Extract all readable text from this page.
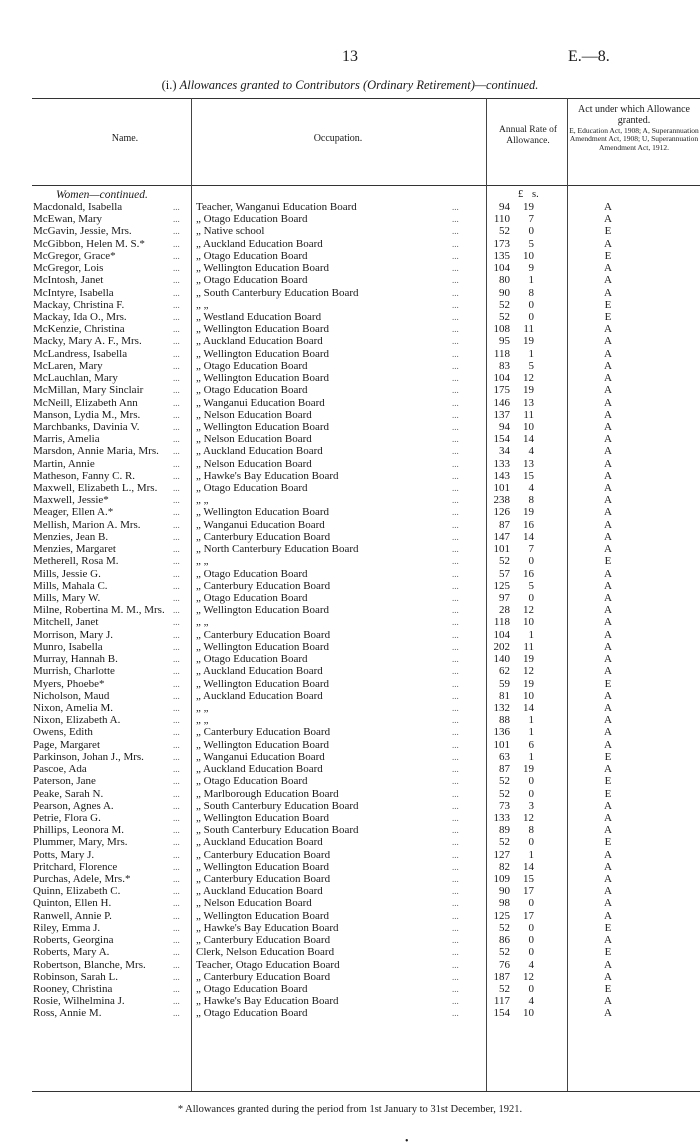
13	E.—8.
(i.) Allowances granted to Contributors (Ordinary Retirement)—continued.
Name.	Occupation.
Annual Rate of Allowance.
Act under which Allowance granted.
E, Education Act, 1908; A, Superannuation Amendment Act, 1908; U, Superannuation Amendment Act, 1912.
Women—continued.	£ s.
Macdonald, Isabella	Teacher, Wanganui Education Board	94	19	A
...	...
McEwan, Mary	„ Otago Education Board	110	7	A
...	...
McGavin, Jessie, Mrs.	„ Native school	52	0	E
...	...
McGibbon, Helen M. S.*	„ Auckland Education Board	173	5	A
...	...
McGregor, Grace*	„ Otago Education Board	135	10	E
...	...
McGregor, Lois	„ Wellington Education Board	104	9	A
...	...
McIntosh, Janet	„ Otago Education Board	80	1	A
...	...
McIntyre, Isabella	„ South Canterbury Education Board	90	8	A
...	...
Mackay, Christina F.	„ „	52	0	E
...	...
Mackay, Ida O., Mrs.	„ Westland Education Board	52	0	E
...	...
McKenzie, Christina	„ Wellington Education Board	108	11	A
...	...
Macky, Mary A. F., Mrs.	„ Auckland Education Board	95	19	A
...	...
McLandress, Isabella	„ Wellington Education Board	118	1	A
...	...
McLaren, Mary	„ Otago Education Board	83	5	A
...	...
McLauchlan, Mary	„ Wellington Education Board	104	12	A
...	...
McMillan, Mary Sinclair	„ Otago Education Board	175	19	A
...	...
McNeill, Elizabeth Ann	„ Wanganui Education Board	146	13	A
...	...
Manson, Lydia M., Mrs.	„ Nelson Education Board	137	11	A
...	...
Marchbanks, Davinia V.	„ Wellington Education Board	94	10	A
...	...
Marris, Amelia	„ Nelson Education Board	154	14	A
...	...
Marsdon, Annie Maria, Mrs.	„ Auckland Education Board	34	4	A
...	...
Martin, Annie	„ Nelson Education Board	133	13	A
...	...
Matheson, Fanny C. R.	„ Hawke's Bay Education Board	143	15	A
...	...
Maxwell, Elizabeth L., Mrs.	„ Otago Education Board	101	4	A
...	...
Maxwell, Jessie*	„ „	238	8	A
...	...
Meager, Ellen A.*	„ Wellington Education Board	126	19	A
...	...
Mellish, Marion A. Mrs.	„ Wanganui Education Board	87	16	A
...	...
Menzies, Jean B.	„ Canterbury Education Board	147	14	A
...	...
Menzies, Margaret	„ North Canterbury Education Board	101	7	A
...	...
Metherell, Rosa M.	„ „	52	0	E
...	...
Mills, Jessie G.	„ Otago Education Board	57	16	A
...	...
Mills, Mahala C.	„ Canterbury Education Board	125	5	A
...	...
Mills, Mary W.	„ Otago Education Board	97	0	A
...	...
Milne, Robertina M. M., Mrs.	„ Wellington Education Board	28	12	A
...	...
Mitchell, Janet	„ „	118	10	A
...	...
Morrison, Mary J.	„ Canterbury Education Board	104	1	A
...	...
Munro, Isabella	„ Wellington Education Board	202	11	A
...	...
Murray, Hannah B.	„ Otago Education Board	140	19	A
...	...
Murrish, Charlotte	„ Auckland Education Board	62	12	A
...	...
Myers, Phoebe*	„ Wellington Education Board	59	19	E
...	...
Nicholson, Maud	„ Auckland Education Board	81	10	A
...	...
Nixon, Amelia M.	„ „	132	14	A
...	...
Nixon, Elizabeth A.	„ „	88	1	A
...	...
Owens, Edith	„ Canterbury Education Board	136	1	A
...	...
Page, Margaret	„ Wellington Education Board	101	6	A
...	...
Parkinson, Johan J., Mrs.	„ Wanganui Education Board	63	1	E
...	...
Pascoe, Ada	„ Auckland Education Board	87	19	A
...	...
Paterson, Jane	„ Otago Education Board	52	0	E
...	...
Peake, Sarah N.	„ Marlborough Education Board	52	0	E
...	...
Pearson, Agnes A.	„ South Canterbury Education Board	73	3	A
...	...
Petrie, Flora G.	„ Wellington Education Board	133	12	A
...	...
Phillips, Leonora M.	„ South Canterbury Education Board	89	8	A
...	...
Plummer, Mary, Mrs.	„ Auckland Education Board	52	0	E
...	...
Potts, Mary J.	„ Canterbury Education Board	127	1	A
...	...
Pritchard, Florence	„ Wellington Education Board	82	14	A
...	...
Purchas, Adele, Mrs.*	„ Canterbury Education Board	109	15	A
...	...
Quinn, Elizabeth C.	„ Auckland Education Board	90	17	A
...	...
Quinton, Ellen H.	„ Nelson Education Board	98	0	A
...	...
Ranwell, Annie P.	„ Wellington Education Board	125	17	A
...	...
Riley, Emma J.	„ Hawke's Bay Education Board	52	0	E
...	...
Roberts, Georgina	„ Canterbury Education Board	86	0	A
...	...
Roberts, Mary A.	Clerk, Nelson Education Board	52	0	E
...	...
Robertson, Blanche, Mrs.	Teacher, Otago Education Board	76	4	A
...	...
Robinson, Sarah L.	„ Canterbury Education Board	187	12	A
...	...
Rooney, Christina	„ Otago Education Board	52	0	E
...	...
Rosie, Wilhelmina J.	„ Hawke's Bay Education Board	117	4	A
...	...
Ross, Annie M.	„ Otago Education Board	154	10	A
...	...
* Allowances granted during the period from 1st January to 31st December, 1921.
•
